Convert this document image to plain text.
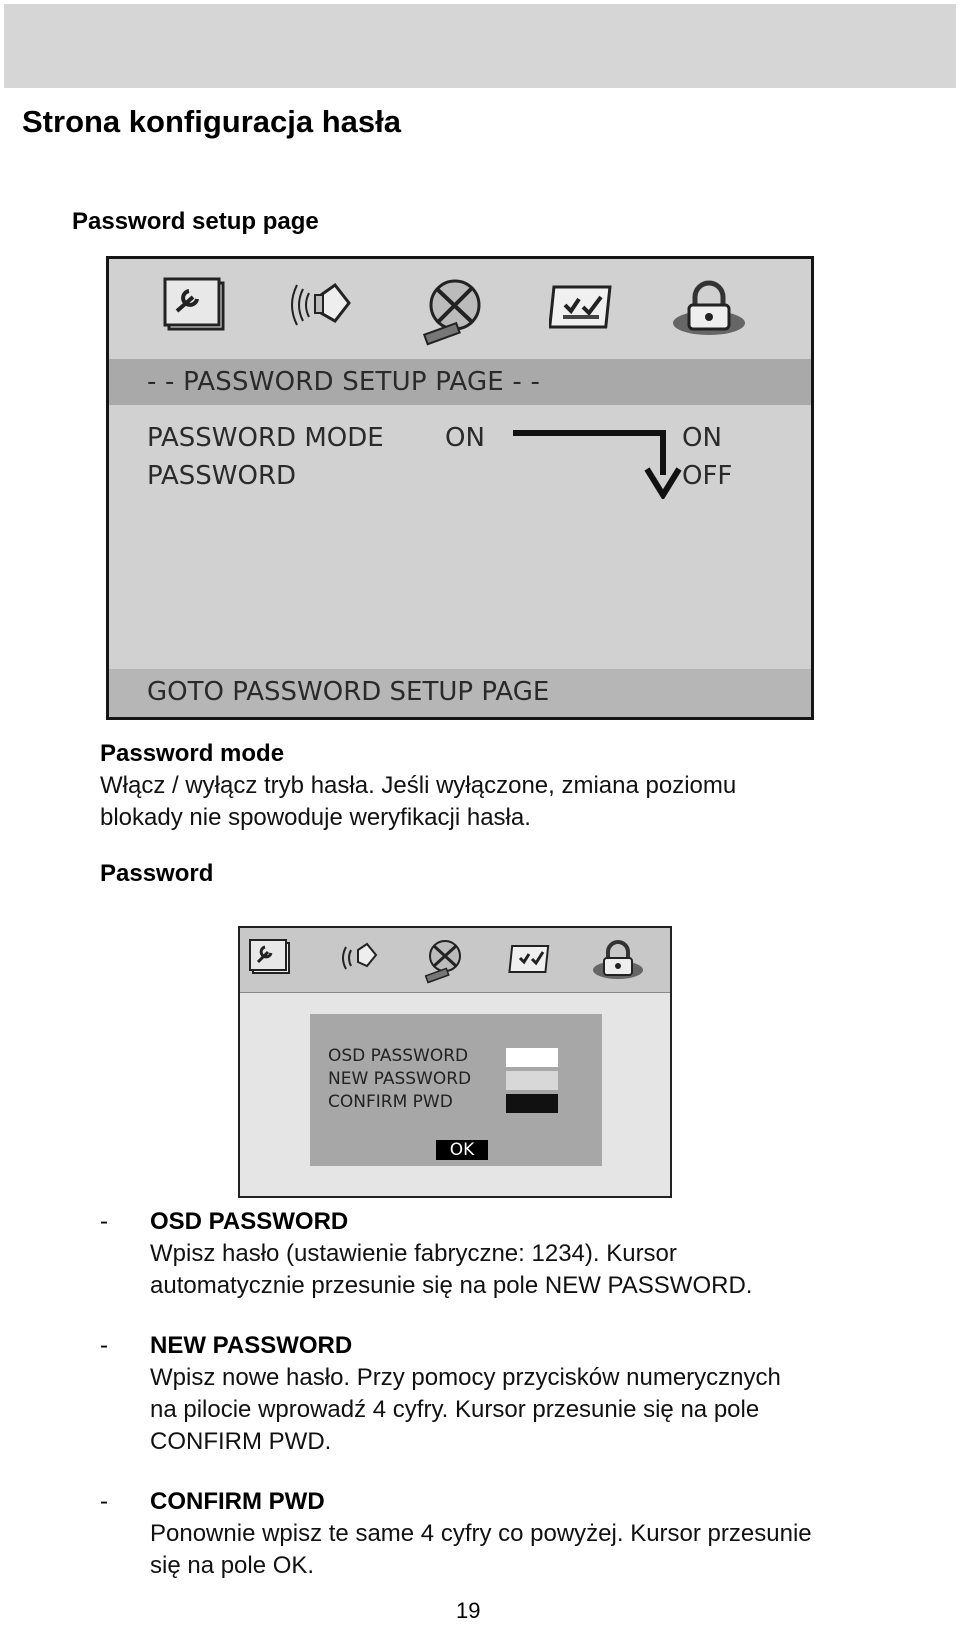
Strona konfiguracja hasła
Password setup page
- - PASSWORD SETUP PAGE - -
PASSWORD MODE ON
PASSWORD
ON
OFF
GOTO PASSWORD SETUP PAGE
Password mode
Włącz / wyłącz tryb hasła. Jeśli wyłączone, zmiana poziomu
blokady nie spowoduje weryfikacji hasła.
Password
OSD PASSWORD
NEW PASSWORD
CONFIRM PWD
OK
- OSD PASSWORD
Wpisz hasło (ustawienie fabryczne: 1234). Kursor
automatycznie przesunie się na pole NEW PASSWORD.
- NEW PASSWORD
Wpisz nowe hasło. Przy pomocy przycisków numerycznych
na pilocie wprowadź 4 cyfry. Kursor przesunie się na pole
CONFIRM PWD.
- CONFIRM PWD
Ponownie wpisz te same 4 cyfry co powyżej. Kursor przesunie
się na pole OK.
19
